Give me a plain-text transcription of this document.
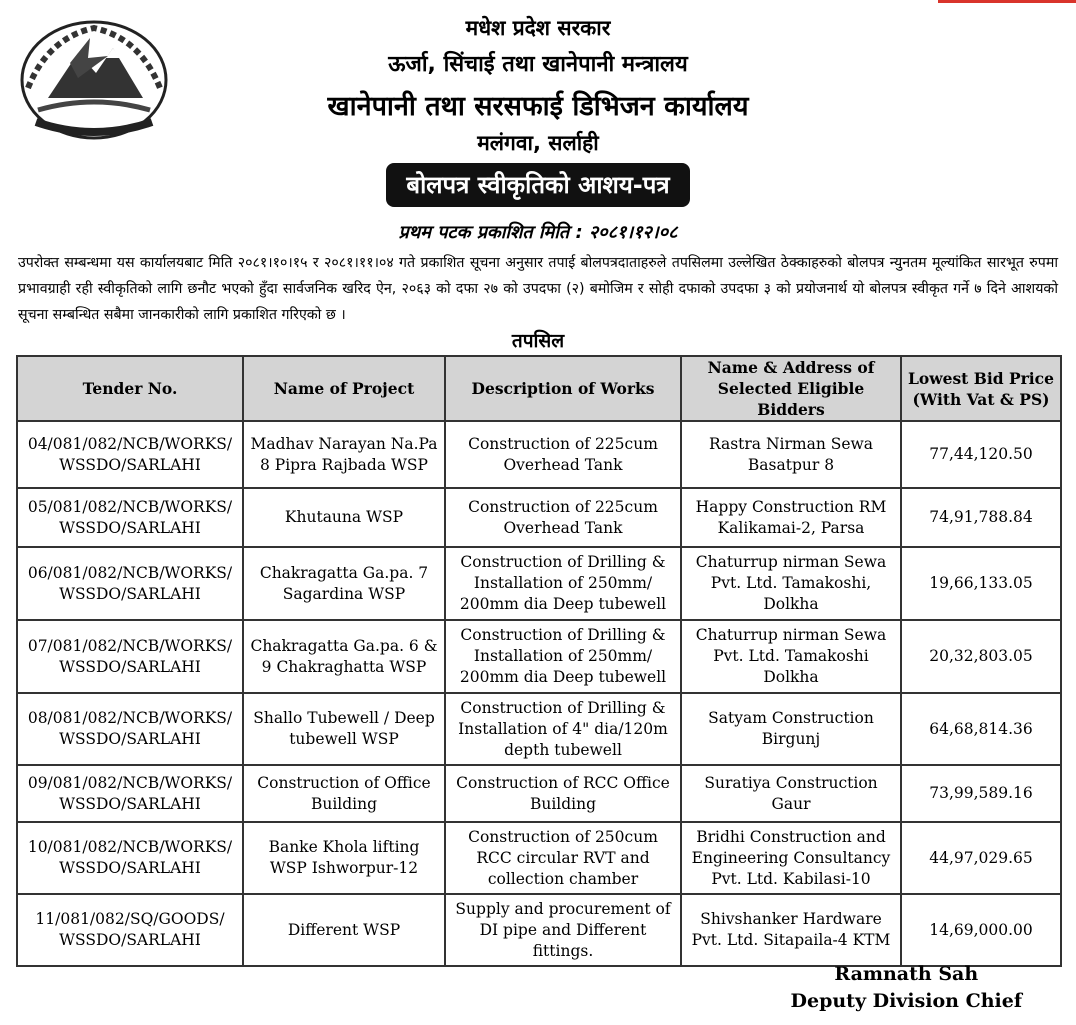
मधेश प्रदेश सरकार
ऊर्जा, सिंचाई तथा खानेपानी मन्त्रालय
खानेपानी तथा सरसफाई डिभिजन कार्यालय
मलंगवा, सर्लाही
बोलपत्र स्वीकृतिको आशय-पत्र
प्रथम पटक प्रकाशित मिति : २०८१।१२।०८
उपरोक्त सम्बन्धमा यस कार्यालयबाट मिति २०८१।१०।१५ र २०८१।११।०४ गते प्रकाशित सूचना अनुसार तपाई बोलपत्रदाताहरुले तपसिलमा उल्लेखित ठेक्काहरुको बोलपत्र न्युनतम मूल्यांकित सारभूत रुपमा प्रभावग्राही रही स्वीकृतिको लागि छनौट भएको हुँदा सार्वजनिक खरिद ऐन, २०६३ को दफा २७ को उपदफा (२) बमोजिम र सोही दफाको उपदफा ३ को प्रयोजनार्थ यो बोलपत्र स्वीकृत गर्ने ७ दिने आशयको सूचना सम्बन्धित सबैमा जानकारीको लागि प्रकाशित गरिएको छ ।
तपसिल
Tender No.	Name of Project	Description of Works	Name & Address of Selected Eligible Bidders	Lowest Bid Price (With Vat & PS)
04/081/082/NCB/WORKS/ WSSDO/SARLAHI	Madhav Narayan Na.Pa 8 Pipra Rajbada WSP	Construction of 225cum Overhead Tank	Rastra Nirman Sewa Basatpur 8	77,44,120.50
05/081/082/NCB/WORKS/ WSSDO/SARLAHI	Khutauna WSP	Construction of 225cum Overhead Tank	Happy Construction RM Kalikamai-2, Parsa	74,91,788.84
06/081/082/NCB/WORKS/ WSSDO/SARLAHI	Chakragatta Ga.pa. 7 Sagardina WSP	Construction of Drilling & Installation of 250mm/ 200mm dia Deep tubewell	Chaturrup nirman Sewa Pvt. Ltd. Tamakoshi, Dolkha	19,66,133.05
07/081/082/NCB/WORKS/ WSSDO/SARLAHI	Chakragatta Ga.pa. 6 & 9 Chakraghatta WSP	Construction of Drilling & Installation of 250mm/ 200mm dia Deep tubewell	Chaturrup nirman Sewa Pvt. Ltd. Tamakoshi Dolkha	20,32,803.05
08/081/082/NCB/WORKS/ WSSDO/SARLAHI	Shallo Tubewell / Deep tubewell WSP	Construction of Drilling & Installation of 4" dia/120m depth tubewell	Satyam Construction Birgunj	64,68,814.36
09/081/082/NCB/WORKS/ WSSDO/SARLAHI	Construction of Office Building	Construction of RCC Office Building	Suratiya Construction Gaur	73,99,589.16
10/081/082/NCB/WORKS/ WSSDO/SARLAHI	Banke Khola lifting WSP Ishworpur-12	Construction of 250cum RCC circular RVT and collection chamber	Bridhi Construction and Engineering Consultancy Pvt. Ltd. Kabilasi-10	44,97,029.65
11/081/082/SQ/GOODS/ WSSDO/SARLAHI	Different WSP	Supply and procurement of DI pipe and Different fittings.	Shivshanker Hardware Pvt. Ltd. Sitapaila-4 KTM	14,69,000.00
Ramnath Sah
Deputy Division Chief
